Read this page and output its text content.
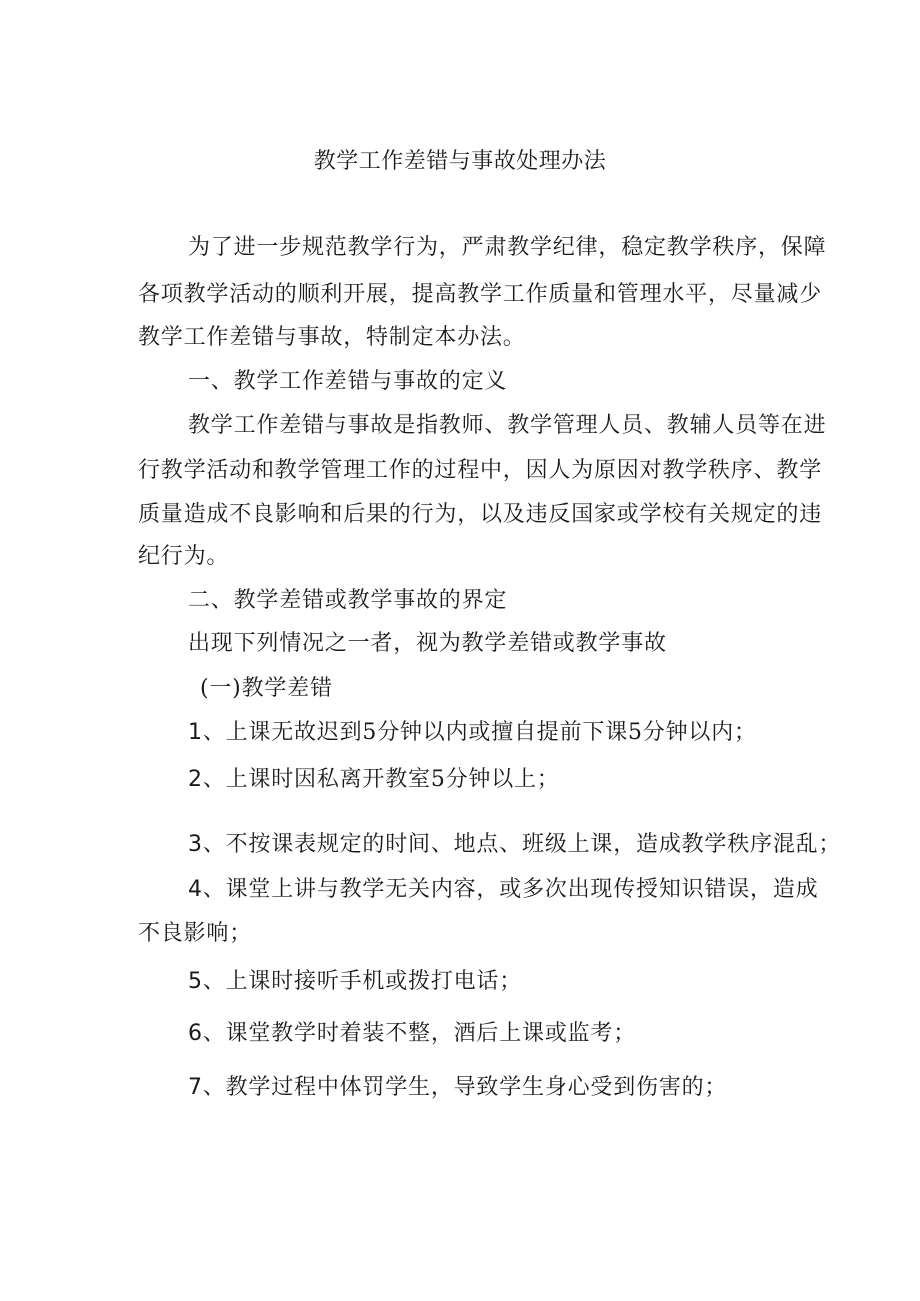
教学工作差错与事故处理办法
为了进一步规范教学行为，严肃教学纪律，稳定教学秩序，保障
各项教学活动的顺利开展，提高教学工作质量和管理水平，尽量减少
教学工作差错与事故，特制定本办法。
一、教学工作差错与事故的定义
教学工作差错与事故是指教师、教学管理人员、教辅人员等在进
行教学活动和教学管理工作的过程中，因人为原因对教学秩序、教学
质量造成不良影响和后果的行为，以及违反国家或学校有关规定的违
纪行为。
二、教学差错或教学事故的界定
出现下列情况之一者，视为教学差错或教学事故
(一)教学差错
1、上课无故迟到5分钟以内或擅自提前下课5分钟以内；
2、上课时因私离开教室5分钟以上；
3、不按课表规定的时间、地点、班级上课，造成教学秩序混乱；
4、课堂上讲与教学无关内容，或多次出现传授知识错误，造成
不良影响；
5、上课时接听手机或拨打电话；
6、课堂教学时着装不整，酒后上课或监考；
7、教学过程中体罚学生，导致学生身心受到伤害的；
